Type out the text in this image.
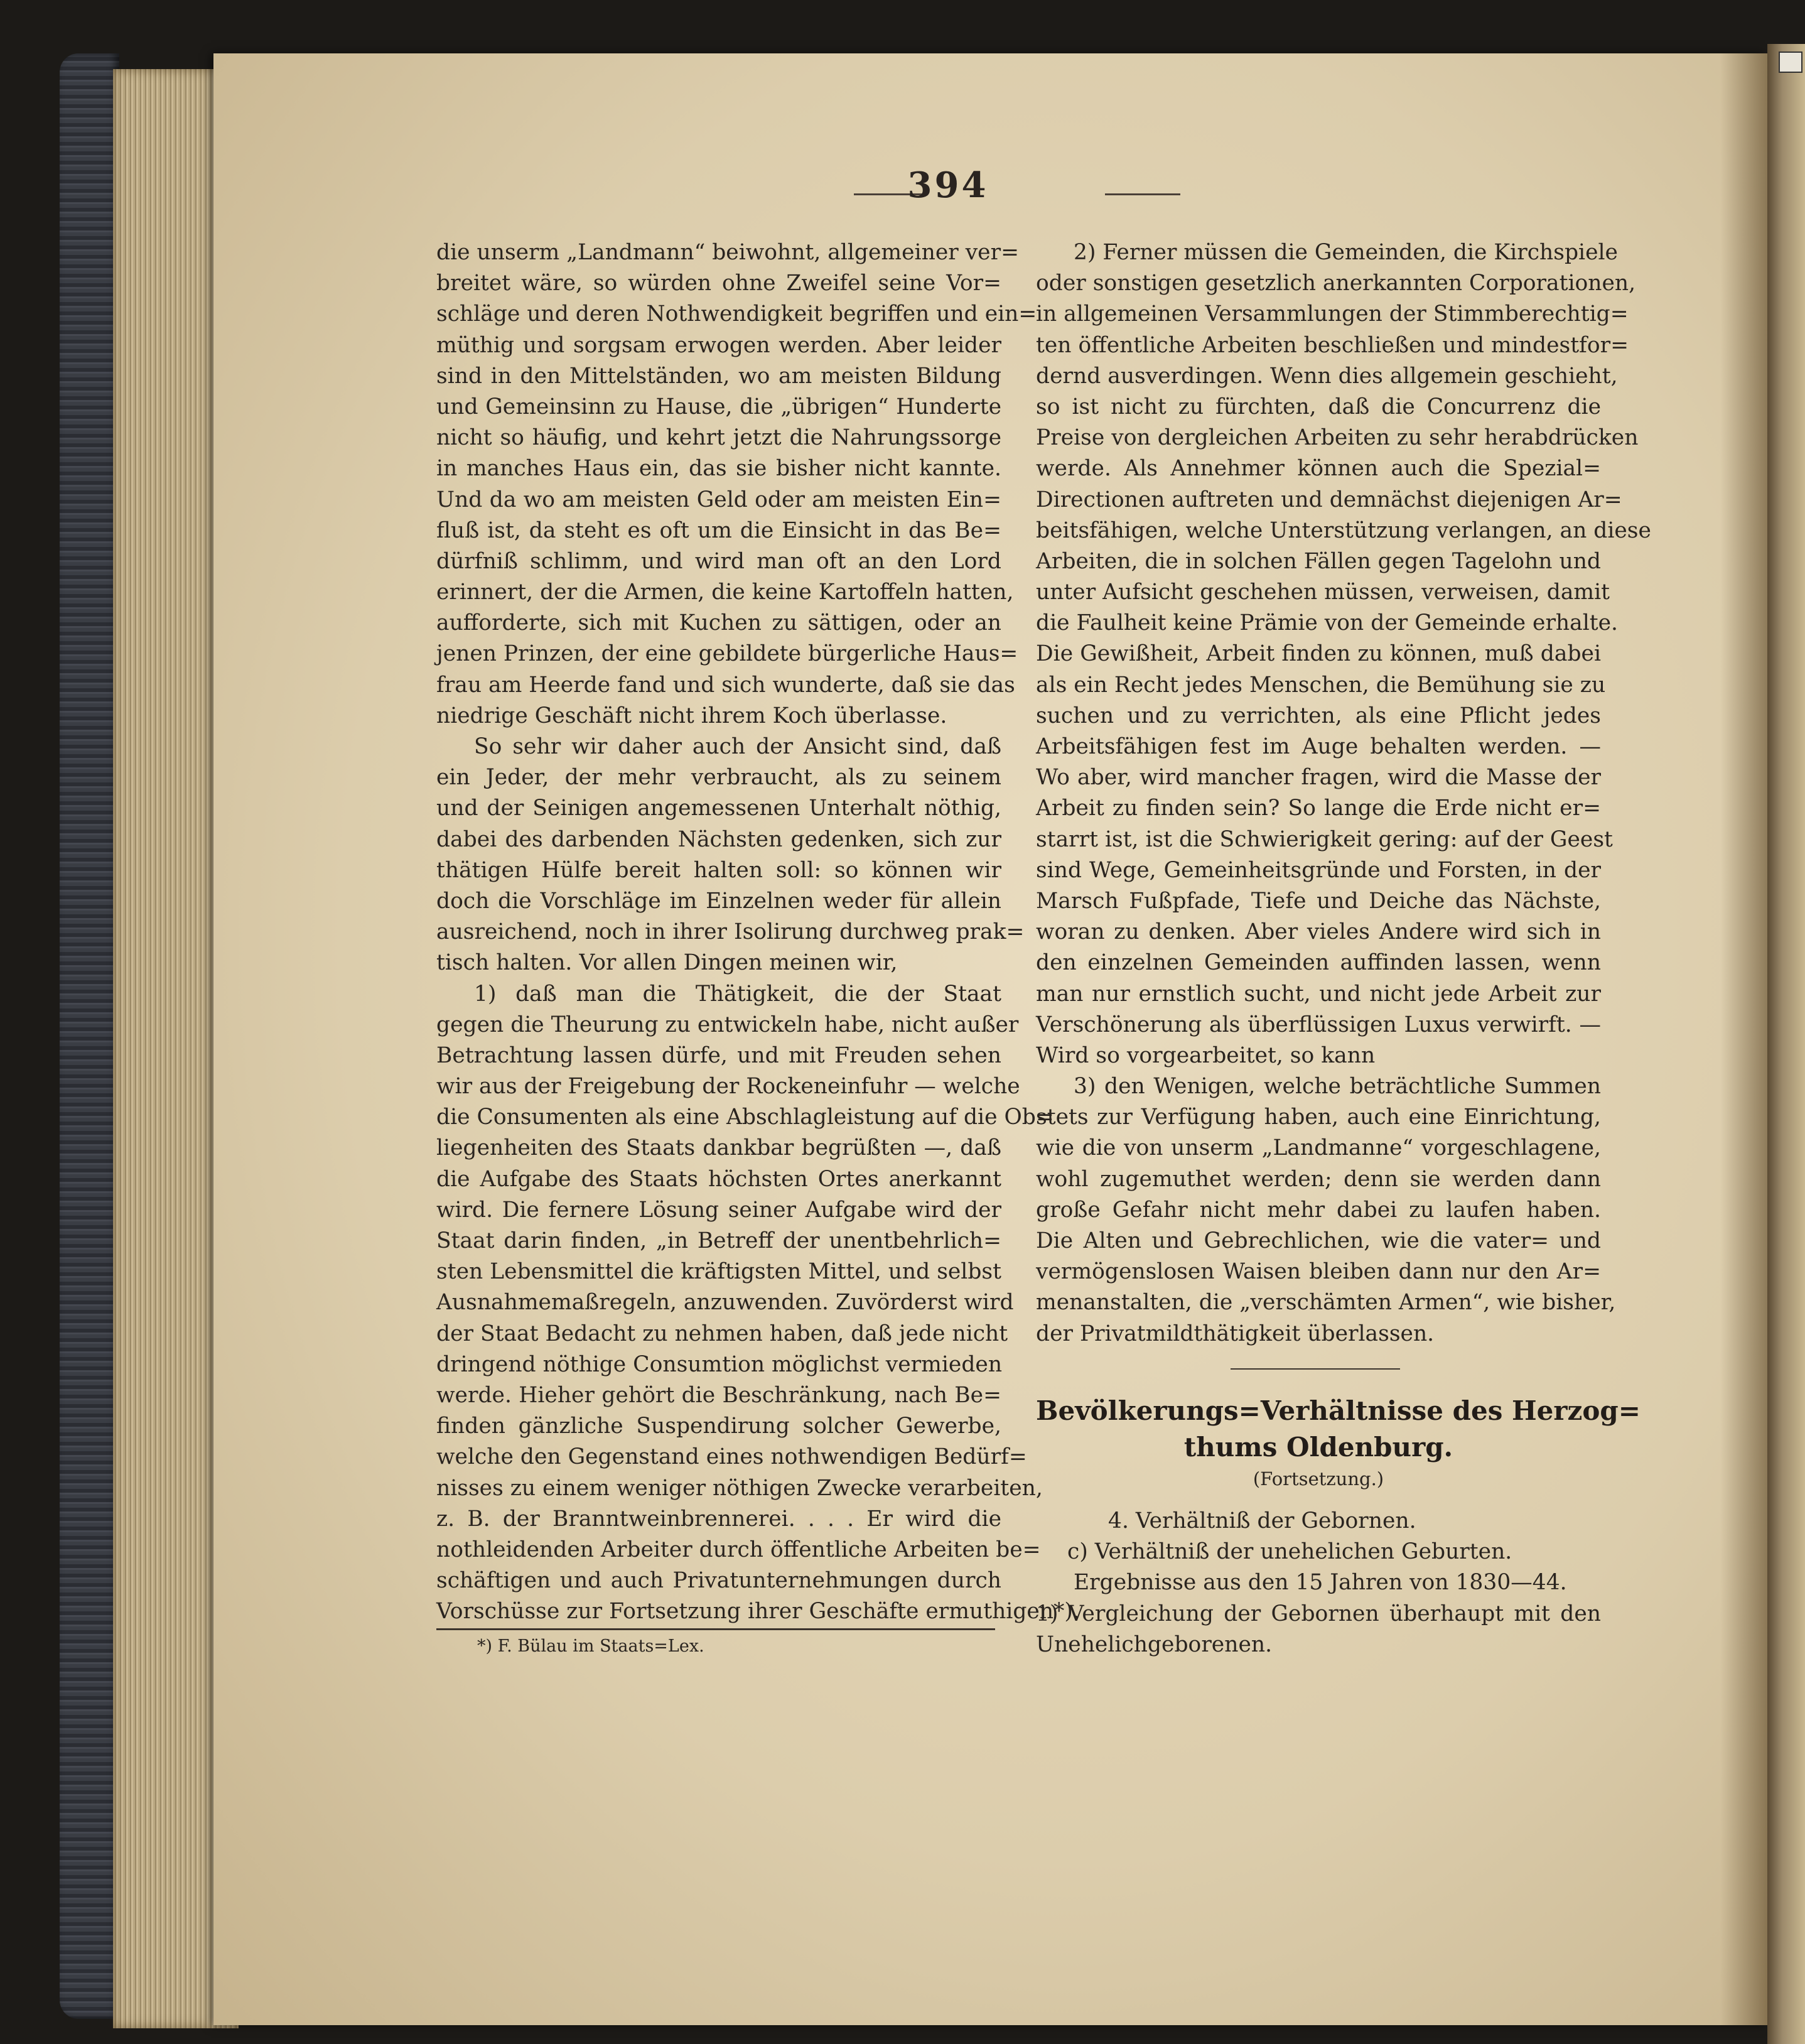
394
die unserm „Landmann“ beiwohnt, allgemeiner ver=
breitet wäre, so würden ohne Zweifel seine Vor=
schläge und deren Nothwendigkeit begriffen und ein=
müthig und sorgsam erwogen werden. Aber leider
sind in den Mittelständen, wo am meisten Bildung
und Gemeinsinn zu Hause, die „übrigen“ Hunderte
nicht so häufig, und kehrt jetzt die Nahrungssorge
in manches Haus ein, das sie bisher nicht kannte.
Und da wo am meisten Geld oder am meisten Ein=
fluß ist, da steht es oft um die Einsicht in das Be=
dürfniß schlimm, und wird man oft an den Lord
erinnert, der die Armen, die keine Kartoffeln hatten,
aufforderte, sich mit Kuchen zu sättigen, oder an
jenen Prinzen, der eine gebildete bürgerliche Haus=
frau am Heerde fand und sich wunderte, daß sie das
niedrige Geschäft nicht ihrem Koch überlasse.
So sehr wir daher auch der Ansicht sind, daß
ein Jeder, der mehr verbraucht, als zu seinem
und der Seinigen angemessenen Unterhalt nöthig,
dabei des darbenden Nächsten gedenken, sich zur
thätigen Hülfe bereit halten soll: so können wir
doch die Vorschläge im Einzelnen weder für allein
ausreichend, noch in ihrer Isolirung durchweg prak=
tisch halten. Vor allen Dingen meinen wir,
1) daß man die Thätigkeit, die der Staat
gegen die Theurung zu entwickeln habe, nicht außer
Betrachtung lassen dürfe, und mit Freuden sehen
wir aus der Freigebung der Rockeneinfuhr — welche
die Consumenten als eine Abschlagleistung auf die Ob=
liegenheiten des Staats dankbar begrüßten —, daß
die Aufgabe des Staats höchsten Ortes anerkannt
wird. Die fernere Lösung seiner Aufgabe wird der
Staat darin finden, „in Betreff der unentbehrlich=
sten Lebensmittel die kräftigsten Mittel, und selbst
Ausnahmemaßregeln, anzuwenden. Zuvörderst wird
der Staat Bedacht zu nehmen haben, daß jede nicht
dringend nöthige Consumtion möglichst vermieden
werde. Hieher gehört die Beschränkung, nach Be=
finden gänzliche Suspendirung solcher Gewerbe,
welche den Gegenstand eines nothwendigen Bedürf=
nisses zu einem weniger nöthigen Zwecke verarbeiten,
z. B. der Branntweinbrennerei. . . . Er wird die
nothleidenden Arbeiter durch öffentliche Arbeiten be=
schäftigen und auch Privatunternehmungen durch
Vorschüsse zur Fortsetzung ihrer Geschäfte ermuthigen*).
*) F. Bülau im Staats=Lex.
2) Ferner müssen die Gemeinden, die Kirchspiele
oder sonstigen gesetzlich anerkannten Corporationen,
in allgemeinen Versammlungen der Stimmberechtig=
ten öffentliche Arbeiten beschließen und mindestfor=
dernd ausverdingen. Wenn dies allgemein geschieht,
so ist nicht zu fürchten, daß die Concurrenz die
Preise von dergleichen Arbeiten zu sehr herabdrücken
werde. Als Annehmer können auch die Spezial=
Directionen auftreten und demnächst diejenigen Ar=
beitsfähigen, welche Unterstützung verlangen, an diese
Arbeiten, die in solchen Fällen gegen Tagelohn und
unter Aufsicht geschehen müssen, verweisen, damit
die Faulheit keine Prämie von der Gemeinde erhalte.
Die Gewißheit, Arbeit finden zu können, muß dabei
als ein Recht jedes Menschen, die Bemühung sie zu
suchen und zu verrichten, als eine Pflicht jedes
Arbeitsfähigen fest im Auge behalten werden. —
Wo aber, wird mancher fragen, wird die Masse der
Arbeit zu finden sein? So lange die Erde nicht er=
starrt ist, ist die Schwierigkeit gering: auf der Geest
sind Wege, Gemeinheitsgründe und Forsten, in der
Marsch Fußpfade, Tiefe und Deiche das Nächste,
woran zu denken. Aber vieles Andere wird sich in
den einzelnen Gemeinden auffinden lassen, wenn
man nur ernstlich sucht, und nicht jede Arbeit zur
Verschönerung als überflüssigen Luxus verwirft. —
Wird so vorgearbeitet, so kann
3) den Wenigen, welche beträchtliche Summen
stets zur Verfügung haben, auch eine Einrichtung,
wie die von unserm „Landmanne“ vorgeschlagene,
wohl zugemuthet werden; denn sie werden dann
große Gefahr nicht mehr dabei zu laufen haben.
Die Alten und Gebrechlichen, wie die vater= und
vermögenslosen Waisen bleiben dann nur den Ar=
menanstalten, die „verschämten Armen“, wie bisher,
der Privatmildthätigkeit überlassen.
Bevölkerungs=Verhältnisse des Herzog=
thums Oldenburg.
(Fortsetzung.)
4. Verhältniß der Gebornen.
c) Verhältniß der unehelichen Geburten.
Ergebnisse aus den 15 Jahren von 1830—44.
1) Vergleichung der Gebornen überhaupt mit den
Unehelichgeborenen.
